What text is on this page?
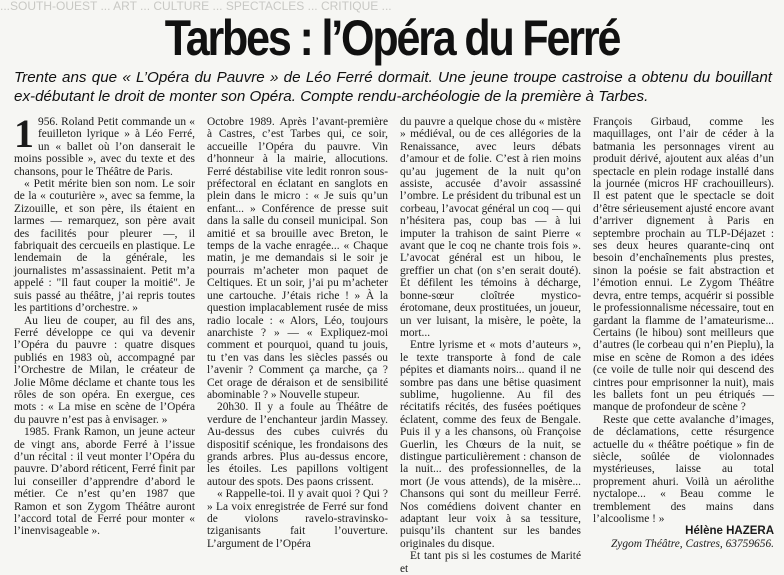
...SOUTH-OUEST ... ART ... CULTURE ... SPECTACLES ... CRITIQUE ...
Tarbes : l’Opéra du Ferré
Trente ans que « L’Opéra du Pauvre » de Léo Ferré dormait. Une jeune troupe castroise a obtenu du bouillant ex-débutant le droit de monter son Opéra. Compte rendu-archéologie de la première à Tarbes.

1 956. Roland Petit commande un « feuilleton lyrique » à Léo Ferré, un « ballet où l’on danserait le moins possible », avec du texte et des chansons, pour le Théâtre de Paris.

« Petit mérite bien son nom. Le soir de la « couturière », avec sa femme, la Zizouille, et son père, ils étaient en larmes — remarquez, son père avait des facilités pour pleurer —, il fabriquait des cercueils en plastique. Le lendemain de la générale, les journalistes m’assassinaient. Petit m’a appelé : "Il faut couper la moitié". Je suis passé au théâtre, j’ai repris toutes les partitions d’orchestre. »

Au lieu de couper, au fil des ans, Ferré développe ce qui va devenir l’Opéra du pauvre : quatre disques publiés en 1983 où, accompagné par l’Orchestre de Milan, le créateur de Jolie Môme déclame et chante tous les rôles de son opéra. En exergue, ces mots : « La mise en scène de l’Opéra du pauvre n’est pas à envisager. »

1985. Frank Ramon, un jeune acteur de vingt ans, aborde Ferré à l’issue d’un récital : il veut monter l’Opéra du pauvre. D’abord réticent, Ferré finit par lui conseiller d’apprendre d’abord le métier. Ce n’est qu’en 1987 que Ramon et son Zygom Théâtre auront l’accord total de Ferré pour monter « l’inenvisageable ».

Octobre 1989. Après l’avant-première à Castres, c’est Tarbes qui, ce soir, accueille l’Opéra du pauvre. Vin d’honneur à la mairie, allocutions. Ferré déstabilise vite ledit ronron sous-préfectoral en éclatant en sanglots en plein dans le micro : « Je suis qu’un enfant... » Conférence de presse suit dans la salle du conseil municipal. Son amitié et sa brouille avec Breton, le temps de la vache enragée... « Chaque matin, je me demandais si le soir je pourrais m’acheter mon paquet de Celtiques. Et un soir, j’ai pu m’acheter une cartouche. J’étais riche ! » À la question implacablement rusée de miss radio locale : « Alors, Léo, toujours anarchiste ? » — « Expliquez-moi comment et pourquoi, quand tu jouis, tu t’en vas dans les siècles passés ou l’avenir ? Comment ça marche, ça ? Cet orage de déraison et de sensibilité abominable ? » Nouvelle stupeur.

20h30. Il y a foule au Théâtre de verdure de l’enchanteur jardin Massey. Au-dessus des cubes cuivrés du dispositif scénique, les frondaisons des grands arbres. Plus au-dessus encore, les étoiles. Les papillons voltigent autour des spots. Des paons crissent.

« Rappelle-toi. Il y avait quoi ? Qui ? » La voix enregistrée de Ferré sur fond de violons ravelo-stravinsko-tziganisants fait l’ouverture. L’argument de l’Opéra

du pauvre a quelque chose du « mistère » médiéval, ou de ces allégories de la Renaissance, avec leurs débats d’amour et de folie. C’est à rien moins qu’au jugement de la nuit qu’on assiste, accusée d’avoir assassiné l’ombre. Le président du tribunal est un corbeau, l’avocat général un coq — qui n’hésitera pas, coup bas — à lui imputer la trahison de saint Pierre « avant que le coq ne chante trois fois ». L’avocat général est un hibou, le greffier un chat (on s’en serait douté). Et défilent les témoins à décharge, bonne-sœur cloîtrée mystico-érotomane, deux prostituées, un joueur, un ver luisant, la misère, le poète, la mort...

Entre lyrisme et « mots d’auteurs », le texte transporte à fond de cale pépites et diamants noirs... quand il ne sombre pas dans une bêtise quasiment sublime, hugolienne. Au fil des récitatifs récités, des fusées poétiques éclatent, comme des feux de Bengale. Puis il y a les chansons, où Françoise Guerlin, les Chœurs de la nuit, se distingue particulièrement : chanson de la nuit... des professionnelles, de la mort (Je vous attends), de la misère... Chansons qui sont du meilleur Ferré. Nos comédiens doivent chanter en adaptant leur voix à sa tessiture, puisqu’ils chantent sur les bandes originales du disque.

Et tant pis si les costumes de Marité et

François Girbaud, comme les maquillages, ont l’air de céder à la batmania les personnages virent au produit dérivé, ajoutent aux aléas d’un spectacle en plein rodage installé dans la journée (micros HF crachouilleurs). Il est patent que le spectacle se doit d’être sérieusement ajusté encore avant d’arriver dignement à Paris en septembre prochain au TLP-Déjazet : ses deux heures quarante-cinq ont besoin d’enchaînements plus prestes, sinon la poésie se fait abstraction et l’émotion ennui. Le Zygom Théâtre devra, entre temps, acquérir si possible le professionnalisme nécessaire, tout en gardant la flamme de l’amateurisme... Certains (le hibou) sont meilleurs que d’autres (le corbeau qui n’en Pieplu), la mise en scène de Romon a des idées (ce voile de tulle noir qui descend des cintres pour emprisonner la nuit), mais les ballets font un peu étriqués — manque de profondeur de scène ?

Reste que cette avalanche d’images, de déclamations, cette résurgence actuelle du « théâtre poétique » fin de siècle, soûlée de violonnades mystérieuses, laisse au total proprement ahuri. Voilà un aérolithe nyctalope... « Beau comme le tremblement des mains dans l’alcoolisme ! »

Hélène HAZERA

Zygom Théâtre, Castres, 63759656.
